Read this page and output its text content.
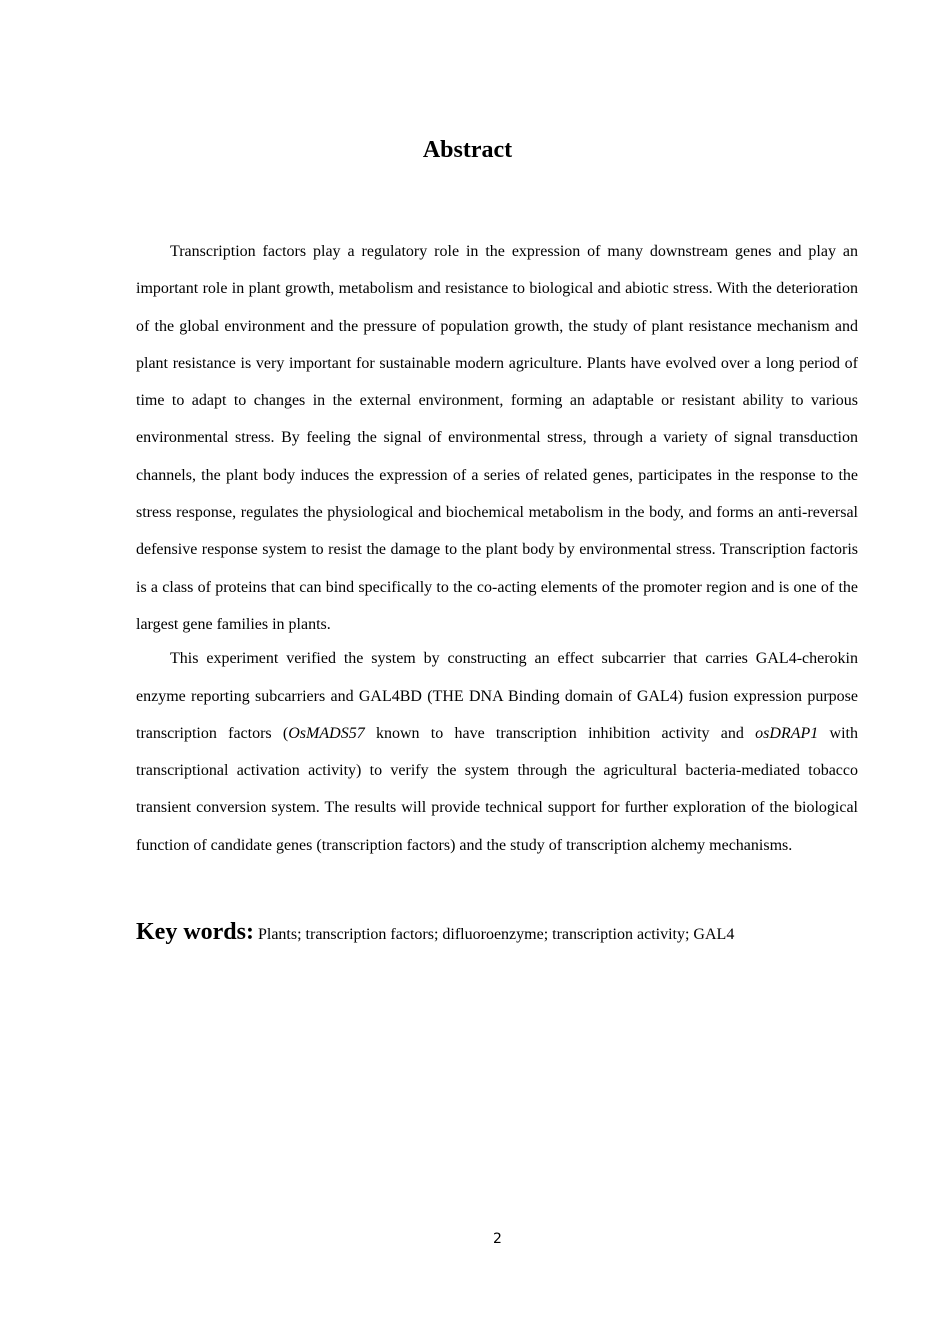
Abstract

Transcription factors play a regulatory role in the expression of many downstream genes and play an important role in plant growth, metabolism and resistance to biological and abiotic stress. With the deterioration of the global environment and the pressure of population growth, the study of plant resistance mechanism and plant resistance is very important for sustainable modern agriculture. Plants have evolved over a long period of time to adapt to changes in the external environment, forming an adaptable or resistant ability to various environmental stress. By feeling the signal of environmental stress, through a variety of signal transduction channels, the plant body induces the expression of a series of related genes, participates in the response to the stress response, regulates the physiological and biochemical metabolism in the body, and forms an anti-reversal defensive response system to resist the damage to the plant body by environmental stress. Transcription factoris is a class of proteins that can bind specifically to the co-acting elements of the promoter region and is one of the largest gene families in plants.

This experiment verified the system by constructing an effect subcarrier that carries GAL4-cherokin enzyme reporting subcarriers and GAL4BD (THE DNA Binding domain of GAL4) fusion expression purpose transcription factors (OsMADS57 known to have transcription inhibition activity and osDRAP1 with transcriptional activation activity) to verify the system through the agricultural bacteria-mediated tobacco transient conversion system. The results will provide technical support for further exploration of the biological function of candidate genes (transcription factors) and the study of transcription alchemy mechanisms.

Key words: Plants; transcription factors; difluoroenzyme; transcription activity; GAL4

2
